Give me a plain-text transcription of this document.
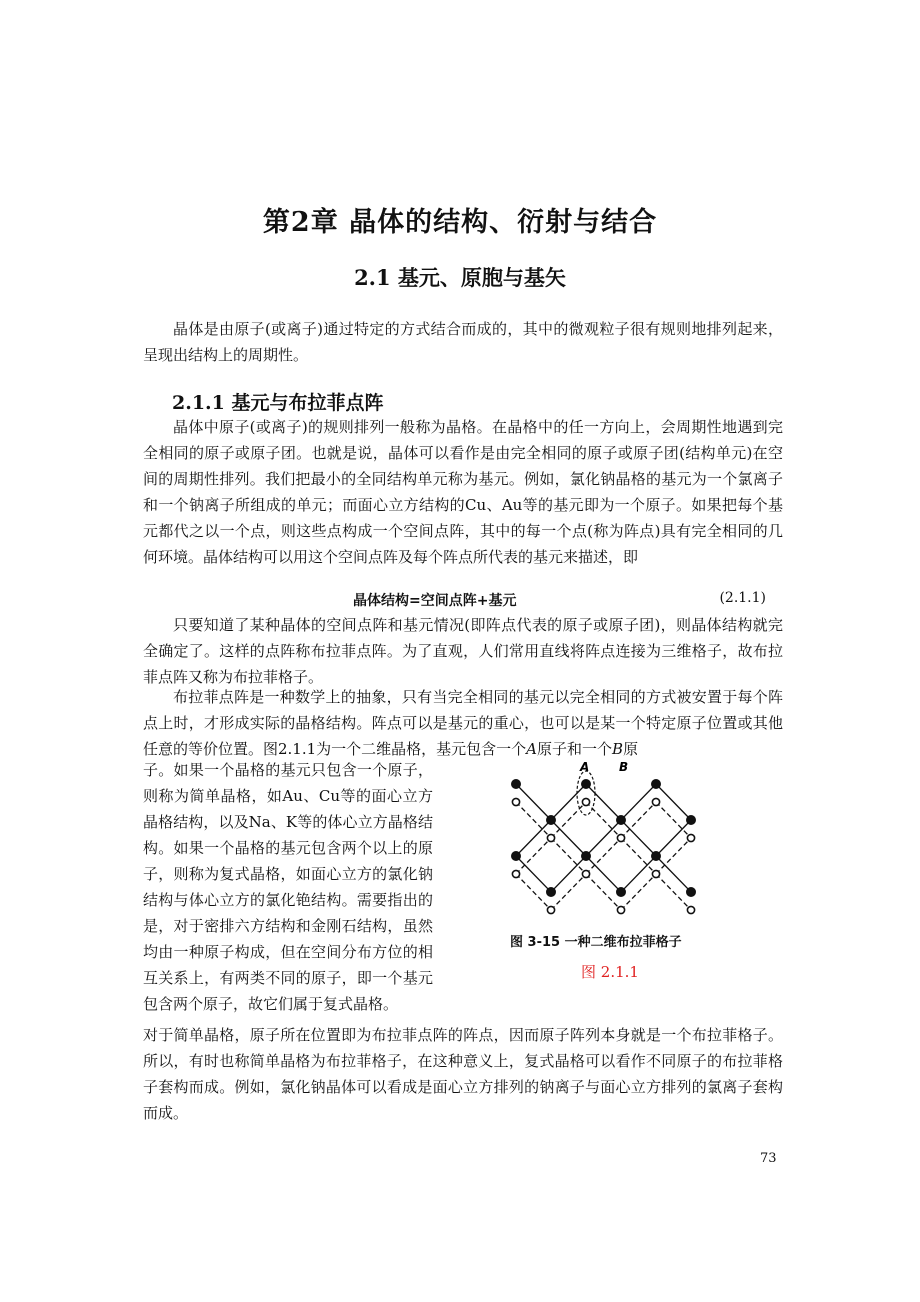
第2章 晶体的结构、衍射与结合
2.1 基元、原胞与基矢
晶体是由原子(或离子)通过特定的方式结合而成的，其中的微观粒子很有规则地排列起来，呈现出结构上的周期性。
2.1.1 基元与布拉菲点阵
晶体中原子(或离子)的规则排列一般称为晶格。在晶格中的任一方向上，会周期性地遇到完全相同的原子或原子团。也就是说，晶体可以看作是由完全相同的原子或原子团(结构单元)在空间的周期性排列。我们把最小的全同结构单元称为基元。例如，氯化钠晶格的基元为一个氯离子和一个钠离子所组成的单元；而面心立方结构的Cu、Au等的基元即为一个原子。如果把每个基元都代之以一个点，则这些点构成一个空间点阵，其中的每一个点(称为阵点)具有完全相同的几何环境。晶体结构可以用这个空间点阵及每个阵点所代表的基元来描述，即
晶体结构=空间点阵+基元	(2.1.1)
只要知道了某种晶体的空间点阵和基元情况(即阵点代表的原子或原子团)，则晶体结构就完全确定了。这样的点阵称布拉菲点阵。为了直观，人们常用直线将阵点连接为三维格子，故布拉菲点阵又称为布拉菲格子。
布拉菲点阵是一种数学上的抽象，只有当完全相同的基元以完全相同的方式被安置于每个阵点上时，才形成实际的晶格结构。阵点可以是基元的重心，也可以是某一个特定原子位置或其他任意的等价位置。图2.1.1为一个二维晶格，基元包含一个A原子和一个B原
子。如果一个晶格的基元只包含一个原子，则称为简单晶格，如Au、Cu等的面心立方晶格结构，以及Na、K等的体心立方晶格结构。如果一个晶格的基元包含两个以上的原子，则称为复式晶格，如面心立方的氯化钠结构与体心立方的氯化铯结构。需要指出的是，对于密排六方结构和金刚石结构，虽然均由一种原子构成，但在空间分布方位的相互关系上，有两类不同的原子，即一个基元包含两个原子，故它们属于复式晶格。
A B
图 3-15 一种二维布拉菲格子
图 2.1.1
对于简单晶格，原子所在位置即为布拉菲点阵的阵点，因而原子阵列本身就是一个布拉菲格子。所以，有时也称简单晶格为布拉菲格子，在这种意义上，复式晶格可以看作不同原子的布拉菲格子套构而成。例如，氯化钠晶体可以看成是面心立方排列的钠离子与面心立方排列的氯离子套构而成。
73
